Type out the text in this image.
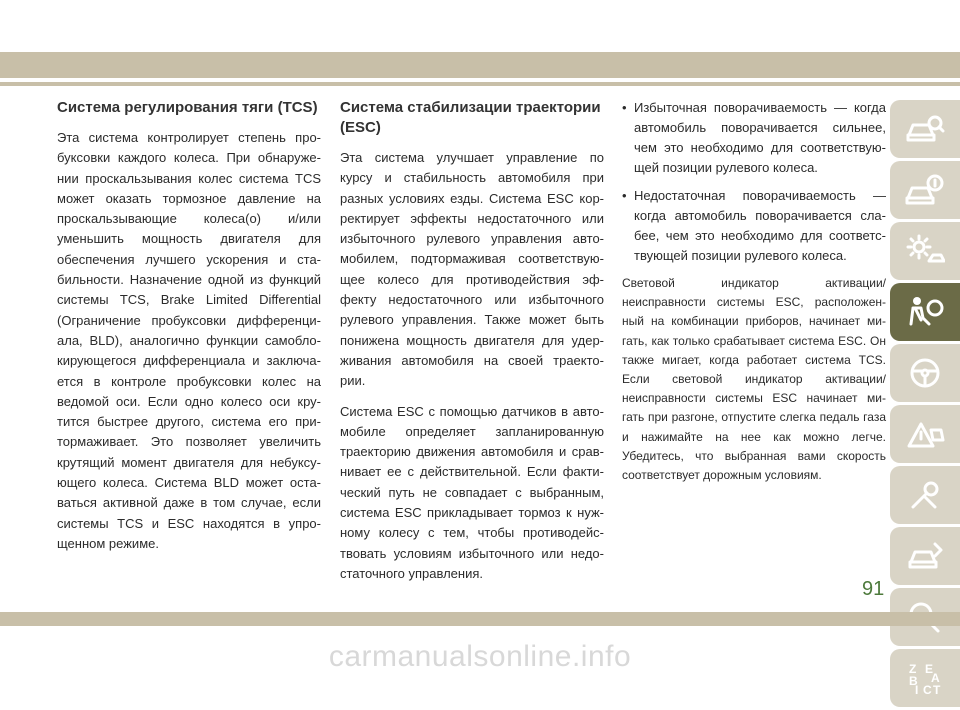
Система регулирования тяги (TCS)

Эта система контролирует степень про- буксовки каждого колеса. При обнаруже- нии проскальзывания колес система TCS может оказать тормозное давление на проскальзывающие колеса(о) и/или уменьшить мощность двигателя для обеспечения лучшего ускорения и ста- бильности. Назначение одной из функций системы TCS, Brake Limited Differential (Ограничение пробуксовки дифференци- ала, BLD), аналогично функции самобло- кирующегося дифференциала и заключа- ется в контроле пробуксовки колес на ведомой оси. Если одно колесо оси кру- тится быстрее другого, система его при- тормаживает. Это позволяет увеличить крутящий момент двигателя для небуксу- ющего колеса. Система BLD может оста- ваться активной даже в том случае, если системы TCS и ESC находятся в упро- щенном режиме.

Система стабилизации траектории (ESC)

Эта система улучшает управление по курсу и стабильность автомобиля при разных условиях езды. Система ESC кор- ректирует эффекты недостаточного или избыточного рулевого управления авто- мобилем, подтормаживая соответствую- щее колесо для противодействия эф- фекту недостаточного или избыточного рулевого управления. Также может быть понижена мощность двигателя для удер- живания автомобиля на своей траекто- рии.

Система ESC с помощью датчиков в авто- мобиле определяет запланированную траекторию движения автомобиля и срав- нивает ее с действительной. Если факти- ческий путь не совпадает с выбранным, система ESC прикладывает тормоз к нуж- ному колесу с тем, чтобы противодейс- твовать условиям избыточного или недо- статочного управления.

• Избыточная поворачиваемость — когда автомобиль поворачивается сильнее, чем это необходимо для соответствую- щей позиции рулевого колеса.
• Недостаточная поворачиваемость — когда автомобиль поворачивается сла- бее, чем это необходимо для соответс- твующей позиции рулевого колеса.

Световой индикатор активации/ неисправности системы ESC, расположен- ный на комбинации приборов, начинает ми- гать, как только срабатывает система ESC. Он также мигает, когда работает система TCS. Если световой индикатор активации/ неисправности системы ESC начинает ми- гать при разгоне, отпустите слегка педаль газа и нажимайте на нее как можно легче. Убедитесь, что выбранная вами скорость соответствует дорожным условиям.

Z E
B A
I C T
91
carmanualsonline.info
